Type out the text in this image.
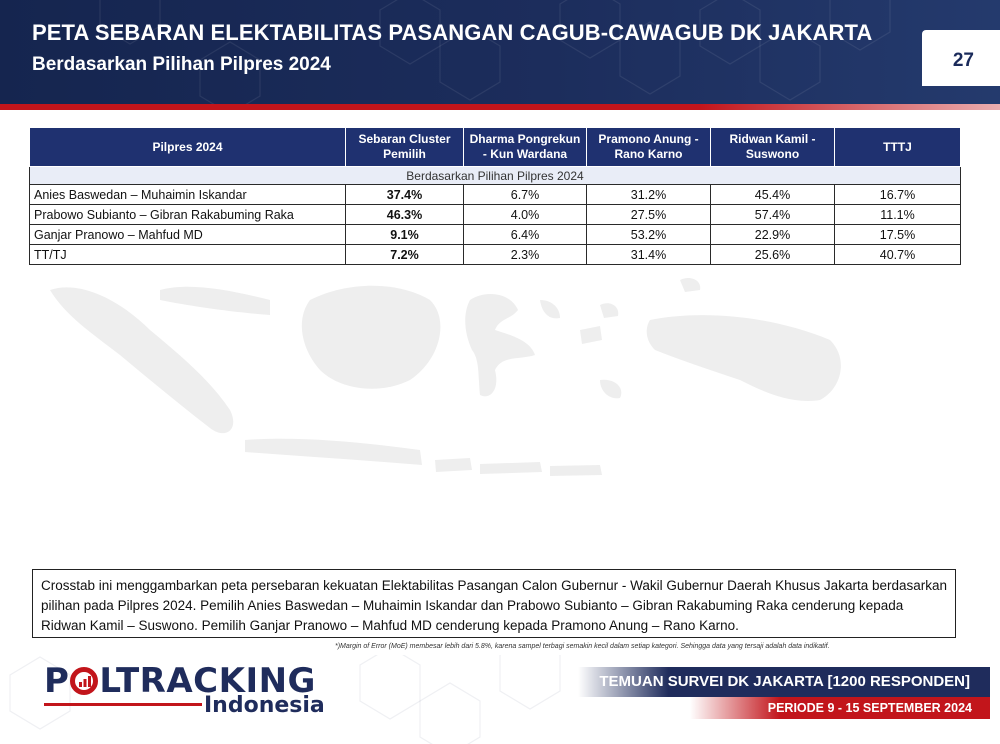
PETA SEBARAN ELEKTABILITAS PASANGAN CAGUB-CAWAGUB DK JAKARTA
Berdasarkan Pilihan Pilpres 2024	27
Pilpres 2024	Sebaran Cluster Pemilih	Dharma Pongrekun - Kun Wardana	Pramono Anung - Rano Karno	Ridwan Kamil - Suswono	TTTJ
Berdasarkan Pilihan Pilpres 2024					
Anies Baswedan – Muhaimin Iskandar	37.4%	6.7%	31.2%	45.4%	16.7%
Prabowo Subianto – Gibran Rakabuming Raka	46.3%	4.0%	27.5%	57.4%	11.1%
Ganjar Pranowo – Mahfud MD	9.1%	6.4%	53.2%	22.9%	17.5%
TT/TJ	7.2%	2.3%	31.4%	25.6%	40.7%
Crosstab ini menggambarkan peta persebaran kekuatan Elektabilitas Pasangan Calon Gubernur - Wakil Gubernur Daerah Khusus Jakarta berdasarkan pilihan pada Pilpres 2024. Pemilih Anies Baswedan – Muhaimin Iskandar dan Prabowo Subianto – Gibran Rakabuming Raka cenderung kepada Ridwan Kamil – Suswono. Pemilih Ganjar Pranowo – Mahfud MD cenderung kepada Pramono Anung – Rano Karno.
*)Margin of Error (MoE) membesar lebih dari 5.8%, karena sampel terbagi semakin kecil dalam setiap kategori. Sehingga data yang tersaji adalah data indikatif.
P LTRACKING
Indonesia
TEMUAN SURVEI DK JAKARTA [1200 RESPONDEN]
PERIODE 9 - 15 SEPTEMBER 2024
